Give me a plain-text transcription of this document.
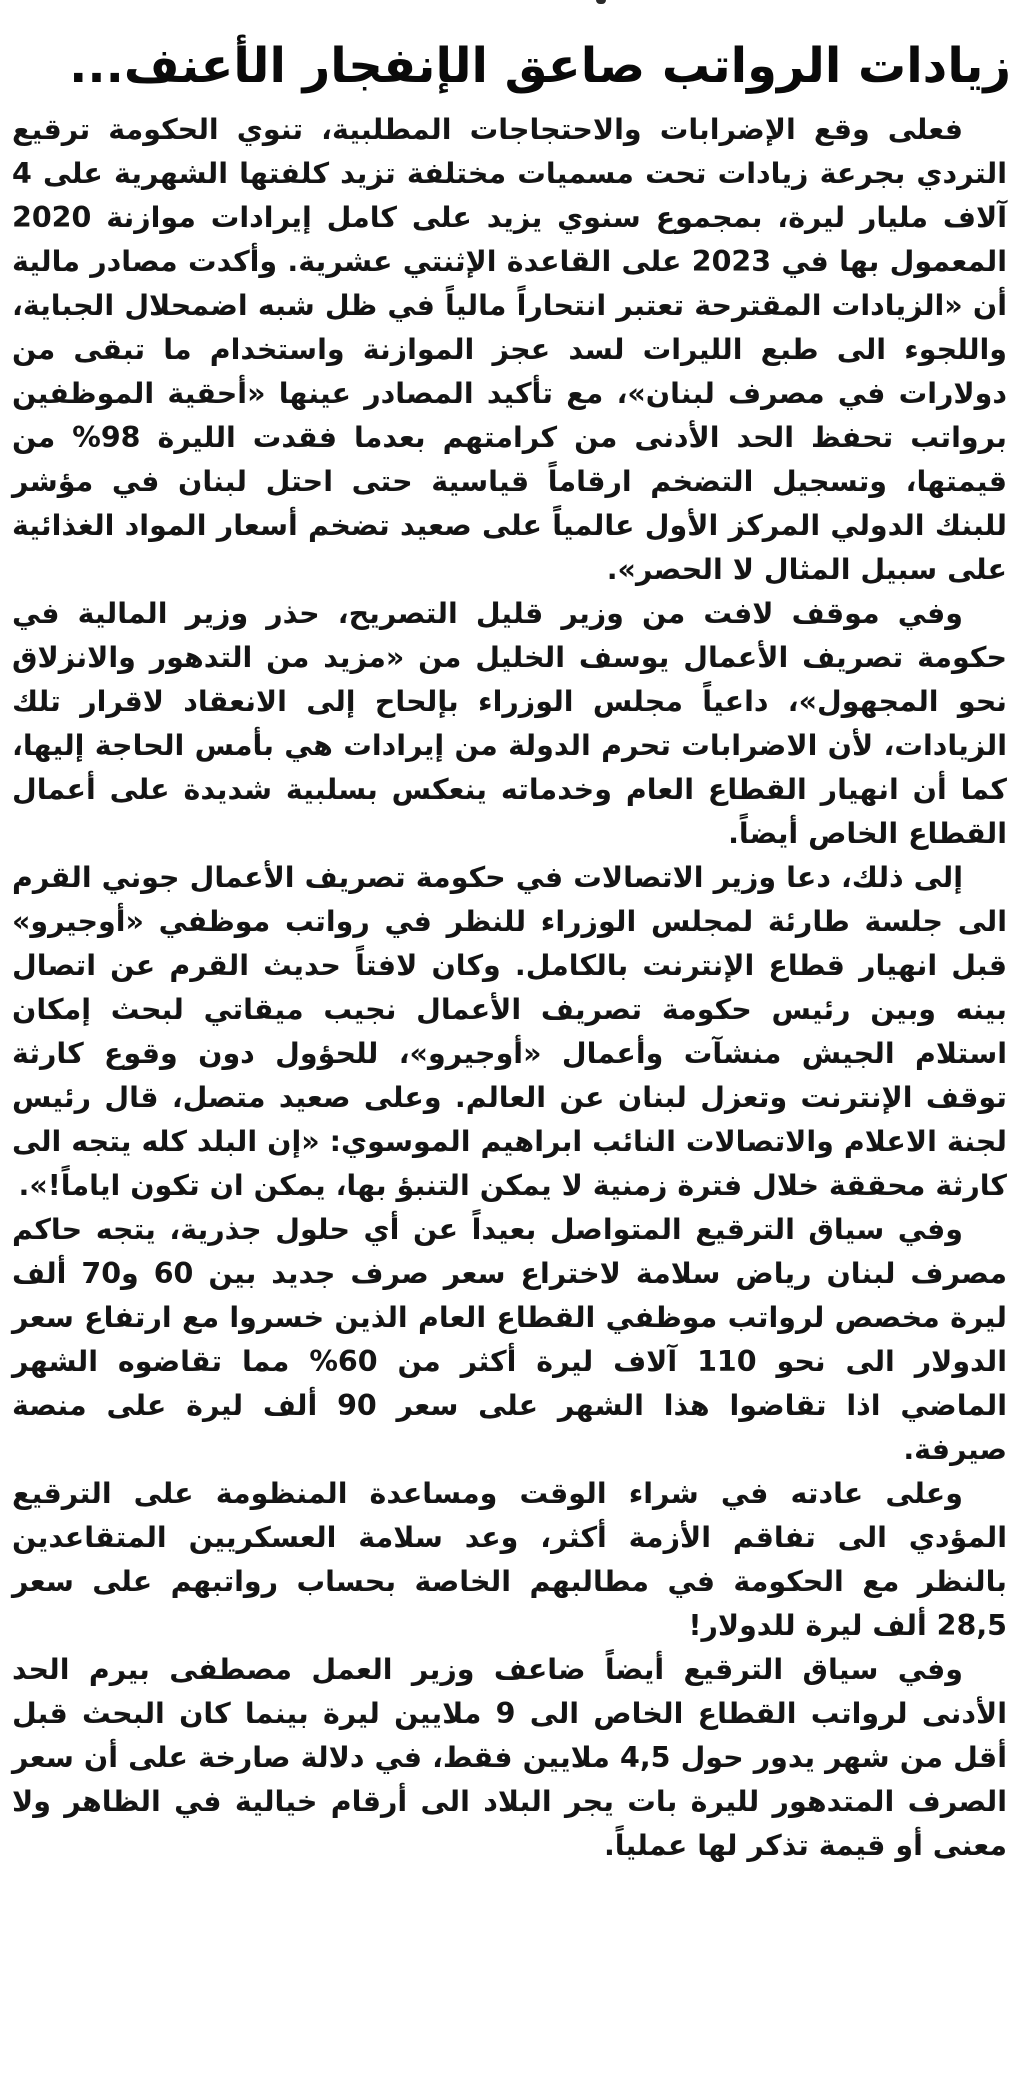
زيادات الرواتب صاعق الإنفجار الأعنف...

فعلى وقع الإضرابات والاحتجاجات المطلبية، تنوي الحكومة ترقيع التردي بجرعة زيادات تحت مسميات مختلفة تزيد كلفتها الشهرية على 4 آلاف مليار ليرة، بمجموع سنوي يزيد على كامل إيرادات موازنة 2020 المعمول بها في 2023 على القاعدة الإثنتي عشرية. وأكدت مصادر مالية أن «الزيادات المقترحة تعتبر انتحاراً مالياً في ظل شبه اضمحلال الجباية، واللجوء الى طبع الليرات لسد عجز الموازنة واستخدام ما تبقى من دولارات في مصرف لبنان»، مع تأكيد المصادر عينها «أحقية الموظفين برواتب تحفظ الحد الأدنى من كرامتهم بعدما فقدت الليرة 98% من قيمتها، وتسجيل التضخم ارقاماً قياسية حتى احتل لبنان في مؤشر للبنك الدولي المركز الأول عالمياً على صعيد تضخم أسعار المواد الغذائية على سبيل المثال لا الحصر».

وفي موقف لافت من وزير قليل التصريح، حذر وزير المالية في حكومة تصريف الأعمال يوسف الخليل من «مزيد من التدهور والانزلاق نحو المجهول»، داعياً مجلس الوزراء بإلحاح إلى الانعقاد لاقرار تلك الزيادات، لأن الاضرابات تحرم الدولة من إيرادات هي بأمس الحاجة إليها، كما أن انهيار القطاع العام وخدماته ينعكس بسلبية شديدة على أعمال القطاع الخاص أيضاً.

إلى ذلك، دعا وزير الاتصالات في حكومة تصريف الأعمال جوني القرم الى جلسة طارئة لمجلس الوزراء للنظر في رواتب موظفي «أوجيرو» قبل انهيار قطاع الإنترنت بالكامل. وكان لافتاً حديث القرم عن اتصال بينه وبين رئيس حكومة تصريف الأعمال نجيب ميقاتي لبحث إمكان استلام الجيش منشآت وأعمال «أوجيرو»، للحؤول دون وقوع كارثة توقف الإنترنت وتعزل لبنان عن العالم. وعلى صعيد متصل، قال رئيس لجنة الاعلام والاتصالات النائب ابراهيم الموسوي: «إن البلد كله يتجه الى كارثة محققة خلال فترة زمنية لا يمكن التنبؤ بها، يمكن ان تكون اياماً!».

وفي سياق الترقيع المتواصل بعيداً عن أي حلول جذرية، يتجه حاكم مصرف لبنان رياض سلامة لاختراع سعر صرف جديد بين 60 و70 ألف ليرة مخصص لرواتب موظفي القطاع العام الذين خسروا مع ارتفاع سعر الدولار الى نحو 110 آلاف ليرة أكثر من 60% مما تقاضوه الشهر الماضي اذا تقاضوا هذا الشهر على سعر 90 ألف ليرة على منصة صيرفة.

وعلى عادته في شراء الوقت ومساعدة المنظومة على الترقيع المؤدي الى تفاقم الأزمة أكثر، وعد سلامة العسكريين المتقاعدين بالنظر مع الحكومة في مطالبهم الخاصة بحساب رواتبهم على سعر 28,5 ألف ليرة للدولار!

وفي سياق الترقيع أيضاً ضاعف وزير العمل مصطفى بيرم الحد الأدنى لرواتب القطاع الخاص الى 9 ملايين ليرة بينما كان البحث قبل أقل من شهر يدور حول 4,5 ملايين فقط، في دلالة صارخة على أن سعر الصرف المتدهور لليرة بات يجر البلاد الى أرقام خيالية في الظاهر ولا معنى أو قيمة تذكر لها عملياً.
